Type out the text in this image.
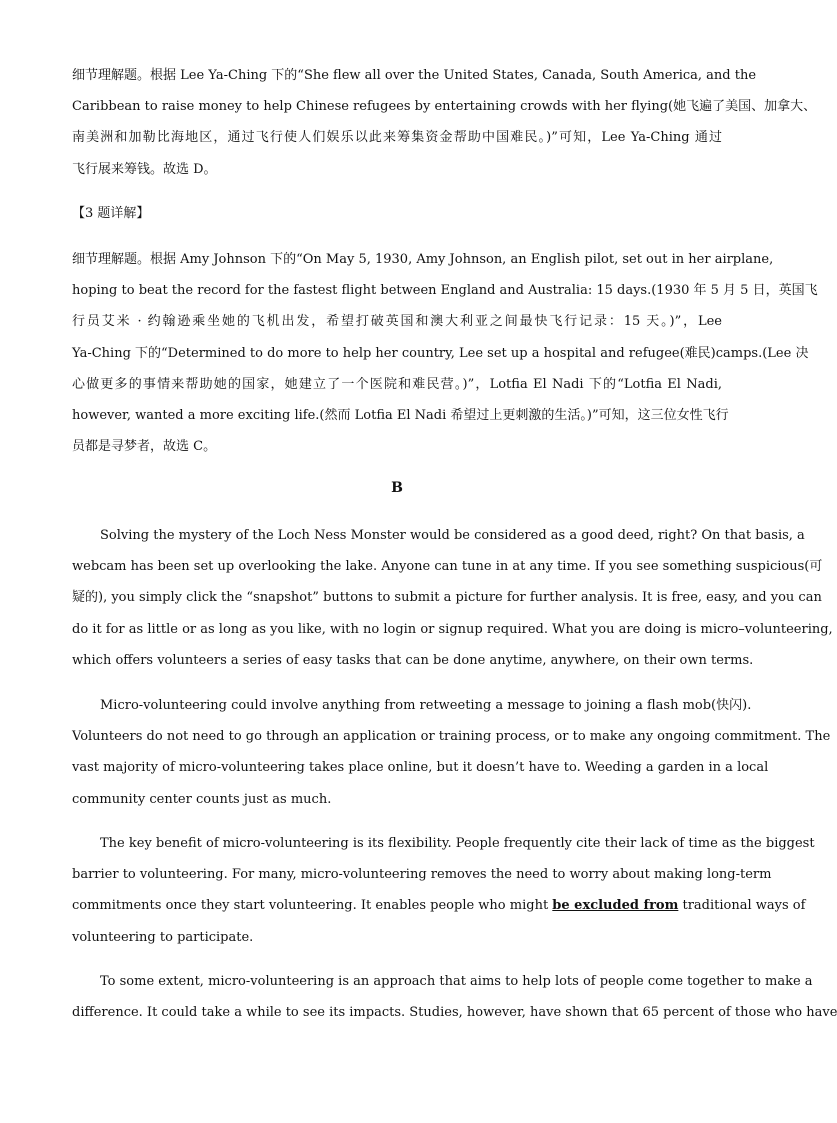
细节理解题。根据 Lee Ya-Ching 下的“She flew all over the United States, Canada, South America, and the
Caribbean to raise money to help Chinese refugees by entertaining crowds with her flying(她飞遍了美国、加拿大、
南美洲和加勒比海地区，通过飞行使人们娱乐以此来筹集资金帮助中国难民。)”可知，Lee Ya-Ching 通过
飞行展来筹钱。故选 D。
【3 题详解】
细节理解题。根据 Amy Johnson 下的“On May 5, 1930, Amy Johnson, an English pilot, set out in her airplane,
hoping to beat the record for the fastest flight between England and Australia: 15 days.(1930 年 5 月 5 日，英国飞
行员艾米 · 约翰逊乘坐她的飞机出发，希望打破英国和澳大利亚之间最快飞行记录：15 天。)”，Lee
Ya-Ching 下的“Determined to do more to help her country, Lee set up a hospital and refugee(难民)camps.(Lee 决
心做更多的事情来帮助她的国家，她建立了一个医院和难民营。)”，Lotfia El Nadi 下的“Lotfia El Nadi,
however, wanted a more exciting life.(然而 Lotfia El Nadi 希望过上更刺激的生活。)”可知，这三位女性飞行
员都是寻梦者，故选 C。
B
Solving the mystery of the Loch Ness Monster would be considered as a good deed, right? On that basis, a
webcam has been set up overlooking the lake. Anyone can tune in at any time. If you see something suspicious(可
疑的), you simply click the “snapshot” buttons to submit a picture for further analysis. It is free, easy, and you can
do it for as little or as long as you like, with no login or signup required. What you are doing is micro–volunteering,
which offers volunteers a series of easy tasks that can be done anytime, anywhere, on their own terms.
Micro-volunteering could involve anything from retweeting a message to joining a flash mob(快闪).
Volunteers do not need to go through an application or training process, or to make any ongoing commitment. The
vast majority of micro-volunteering takes place online, but it doesn’t have to. Weeding a garden in a local
community center counts just as much.
The key benefit of micro-volunteering is its flexibility. People frequently cite their lack of time as the biggest
barrier to volunteering. For many, micro-volunteering removes the need to worry about making long-term
commitments once they start volunteering. It enables people who might be excluded from traditional ways of
volunteering to participate.
To some extent, micro-volunteering is an approach that aims to help lots of people come together to make a
difference. It could take a while to see its impacts. Studies, however, have shown that 65 percent of those who have
